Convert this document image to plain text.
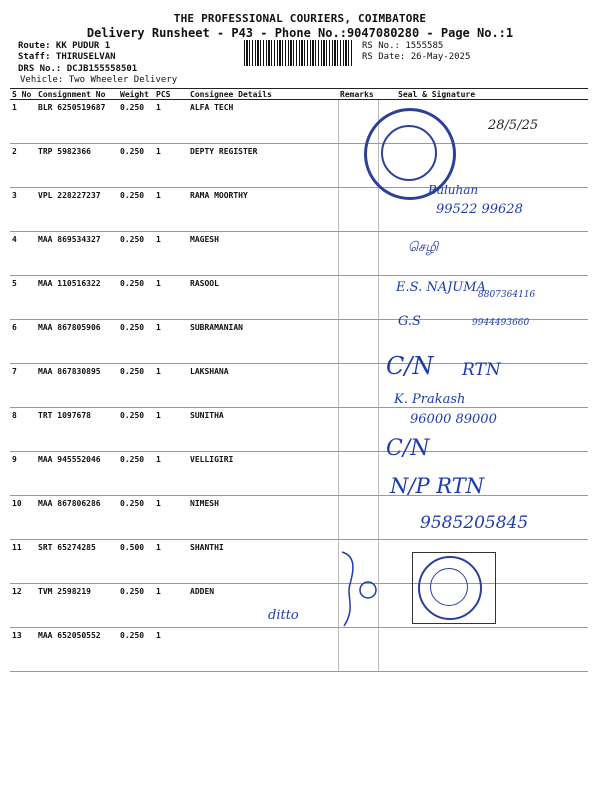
THE PROFESSIONAL COURIERS, COIMBATORE
Delivery Runsheet - P43 - Phone No.:9047080280 - Page No.:1
Route: KK PUDUR 1
Staff: THIRUSELVAN
DRS No.: DCJB155558501
Vehicle: Two Wheeler Delivery
RS No.: 1555585
RS Date: 26-May-2025
S No	Consignment No	Weight	PCS	Consignee Details	Remarks	Seal & Signature
1	BLR 6250519687	0.250	1	ALFA TECH		
2	TRP 5982366	0.250	1	DEPTY REGISTER		
3	VPL 228227237	0.250	1	RAMA MOORTHY		
4	MAA 869534327	0.250	1	MAGESH		
5	MAA 110516322	0.250	1	RASOOL		
6	MAA 867805906	0.250	1	SUBRAMANIAN		
7	MAA 867830895	0.250	1	LAKSHANA		
8	TRT 1097678	0.250	1	SUNITHA		
9	MAA 945552046	0.250	1	VELLIGIRI		
10	MAA 867806286	0.250	1	NIMESH		
11	SRT 65274285	0.500	1	SHANTHI		
12	TVM 2598219	0.250	1	ADDEN		
13	MAA 652050552	0.250	1			
28/5/25
Baluhan
99522 99628
செழி
E.S. NAJUMA
8807364116
G.S	9944493660
C/N RTN
K. Prakash
96000 89000
C/N
N/P RTN
9585205845
ditto
